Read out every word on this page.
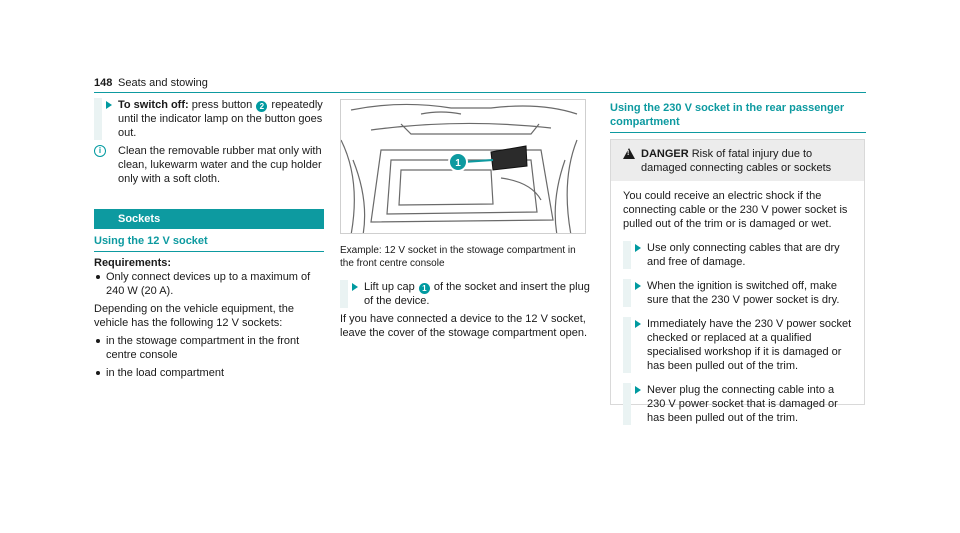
148 Seats and stowing
To switch off: press button 2 repeatedly until the indicator lamp on the button goes out.
i	Clean the removable rubber mat only with clean, lukewarm water and the cup holder only with a soft cloth.
Sockets
Using the 12 V socket
Requirements:
Only connect devices up to a maximum of 240 W (20 A).
Depending on the vehicle equipment, the vehicle has the following 12 V sockets:
in the stowage compartment in the front centre console
in the load compartment
1
Example: 12 V socket in the stowage compartment in the front centre console
Lift up cap 1 of the socket and insert the plug of the device.
If you have connected a device to the 12 V socket, leave the cover of the stowage compartment open.
Using the 230 V socket in the rear passenger compartment
! DANGER Risk of fatal injury due to damaged connecting cables or sockets
You could receive an electric shock if the connecting cable or the 230 V power socket is pulled out of the trim or is damaged or wet.
Use only connecting cables that are dry and free of damage.
When the ignition is switched off, make sure that the 230 V power socket is dry.
Immediately have the 230 V power socket checked or replaced at a qualified specialised workshop if it is damaged or has been pulled out of the trim.
Never plug the connecting cable into a 230 V power socket that is damaged or has been pulled out of the trim.
